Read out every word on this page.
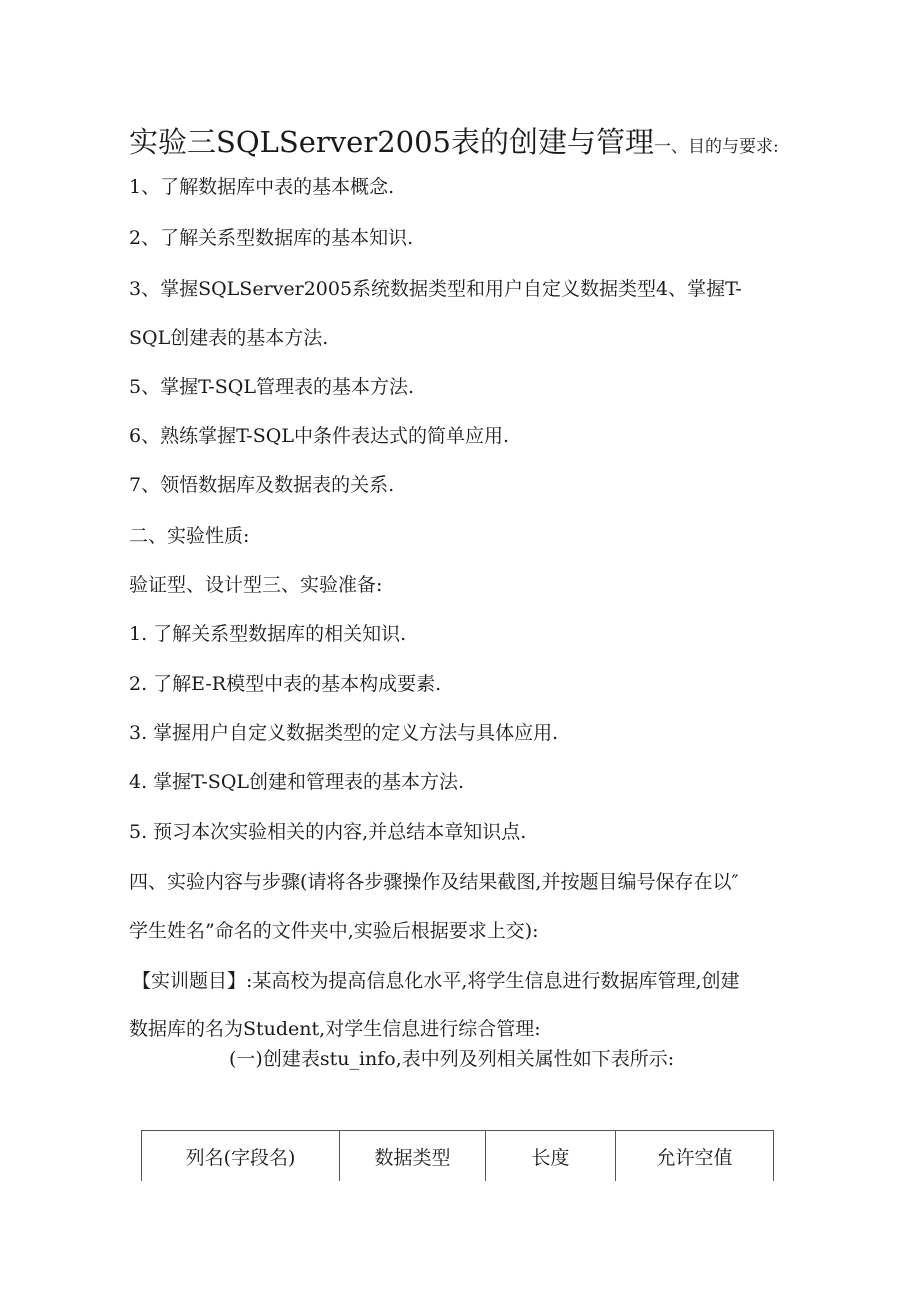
实验三SQLServer2005表的创建与管理一、目的与要求:
1、了解数据库中表的基本概念.
2、了解关系型数据库的基本知识.
3、掌握SQLServer2005系统数据类型和用户自定义数据类型4、掌握T-
SQL创建表的基本方法.
5、掌握T-SQL管理表的基本方法.
6、熟练掌握T-SQL中条件表达式的简单应用.
7、领悟数据库及数据表的关系.
二、实验性质:
验证型、设计型三、实验准备:
1. 了解关系型数据库的相关知识.
2. 了解E-R模型中表的基本构成要素.
3. 掌握用户自定义数据类型的定义方法与具体应用.
4. 掌握T-SQL创建和管理表的基本方法.
5. 预习本次实验相关的内容,并总结本章知识点.
四、实验内容与步骤(请将各步骤操作及结果截图,并按题目编号保存在以″
学生姓名”命名的文件夹中,实验后根据要求上交):
【实训题目】:某高校为提高信息化水平,将学生信息进行数据库管理,创建
数据库的名为Student,对学生信息进行综合管理:
(一)创建表stu_info,表中列及列相关属性如下表所示:
列名(字段名)	数据类型	长度	允许空值
